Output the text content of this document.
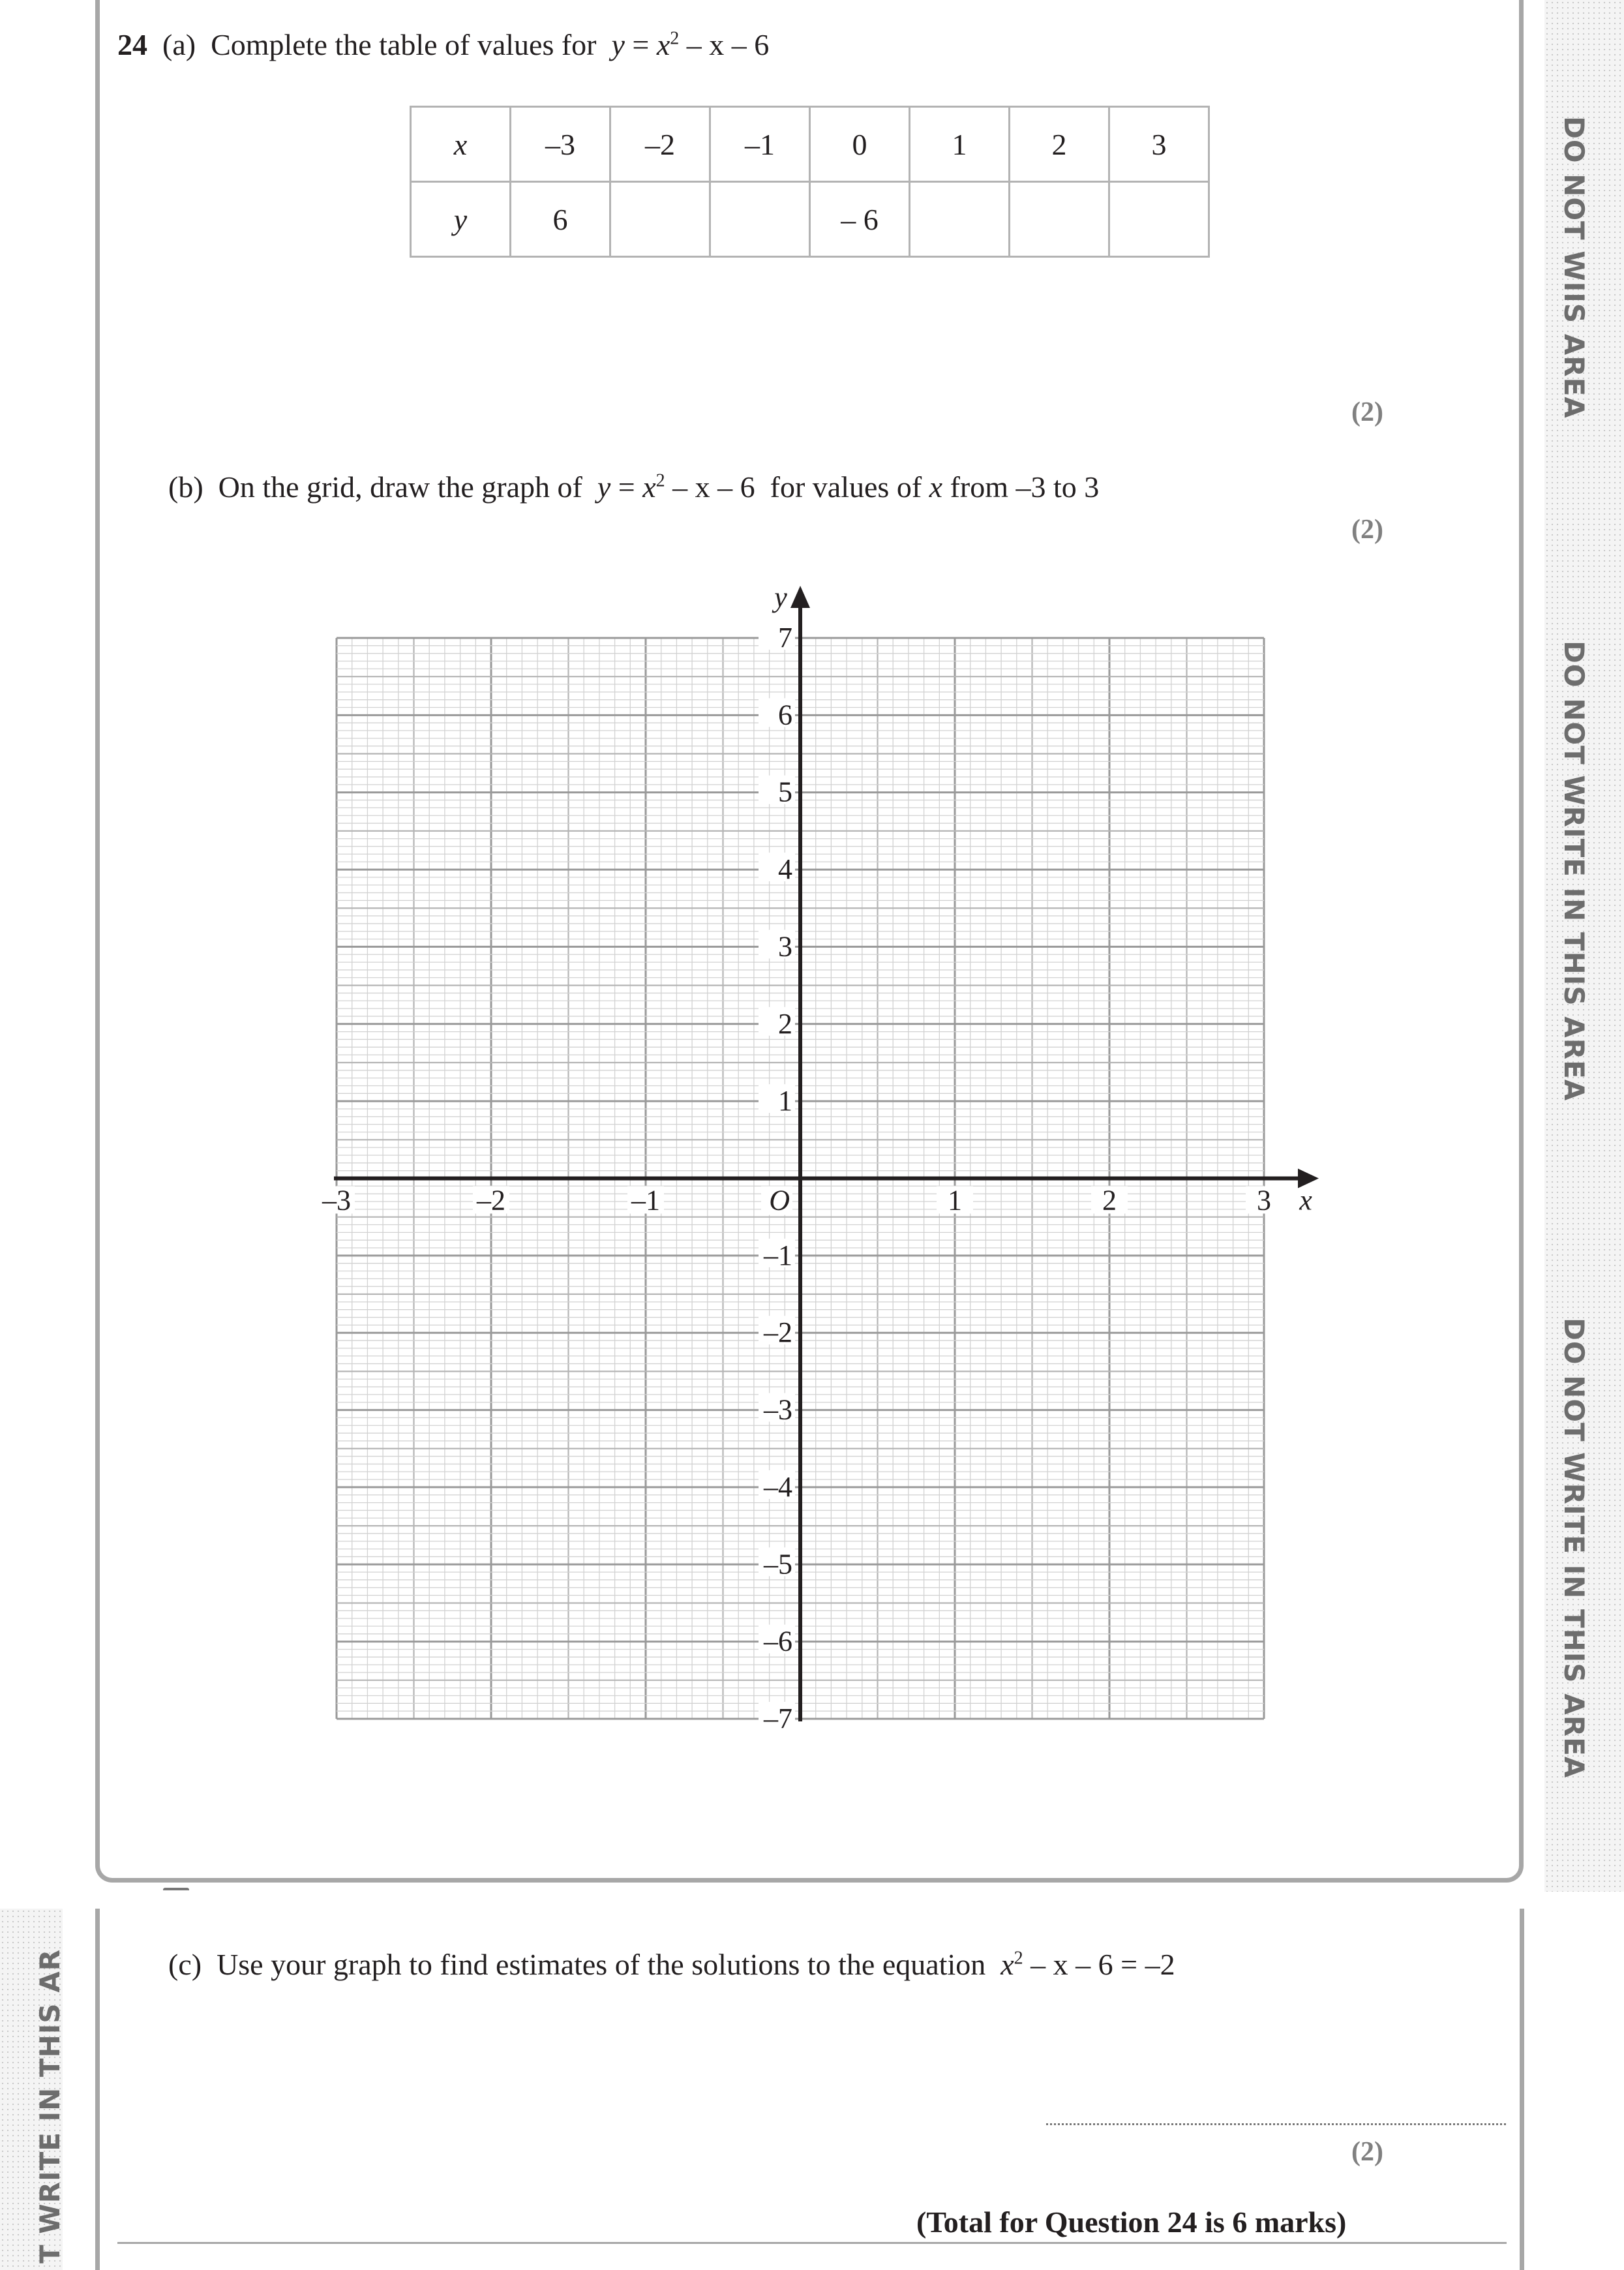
DO NOT WIIS AREA
DO NOT WRITE IN THIS AREA
DO NOT WRITE IN THIS AREA
T WRITE IN THIS AR
24 (a) Complete the table of values for $y = x^2 - x - 6$
x	–3	–2	–1	0	1	2	3
y	6			– 6			
(2)
(b) On the grid, draw the graph of $y = x^2 - x - 6$  for values of x from –3 to 3
(2)
–3	–2	–1	1	2	3
–7
–6
–5
–4
–3
–2
–1
1
2
3
4
5
6
7
O	x
y
(c) Use your graph to find estimates of the solutions to the equation $x^2 - x - 6 = -2$
(2)
(Total for Question 24 is 6 marks)
